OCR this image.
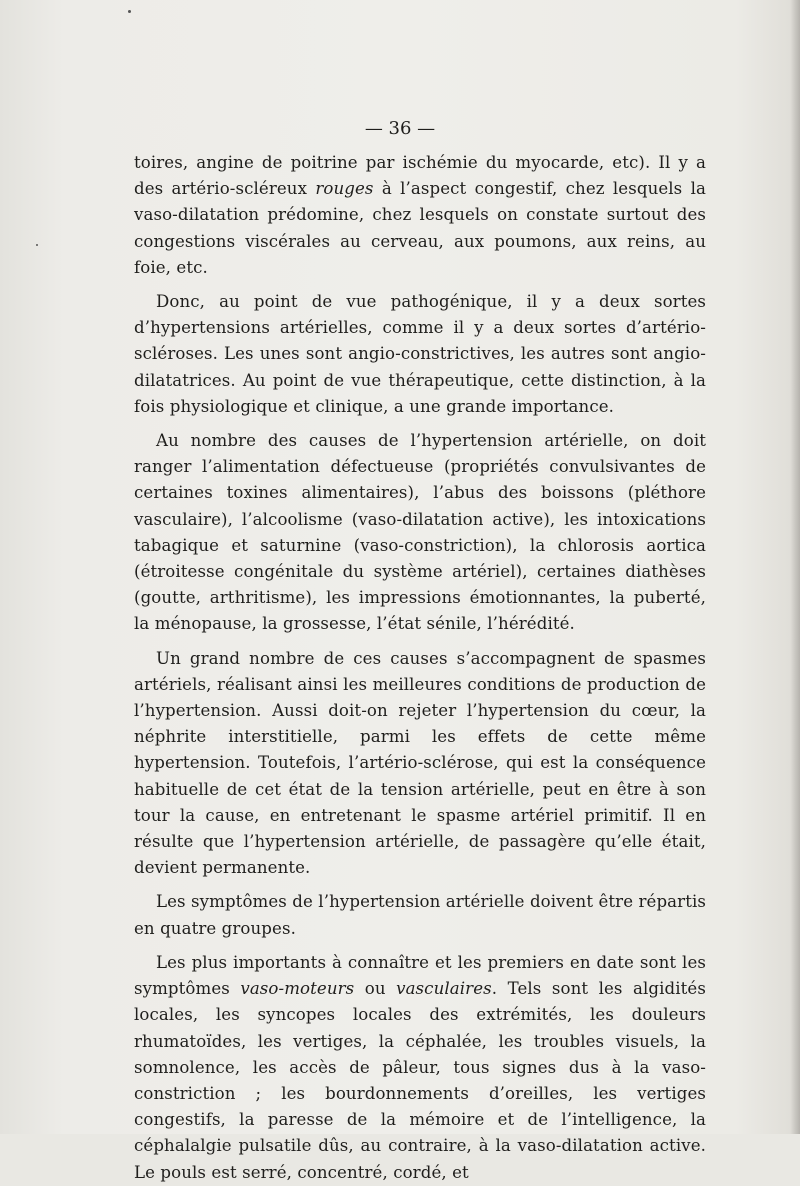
— 36 —

toires, angine de poitrine par ischémie du myocarde, etc). Il y a des artério-scléreux rouges à l’aspect congestif, chez lesquels la vaso-dilatation prédomine, chez lesquels on constate surtout des congestions viscérales au cerveau, aux poumons, aux reins, au foie, etc.

Donc, au point de vue pathogénique, il y a deux sortes d’hypertensions artérielles, comme il y a deux sortes d’artério-scléroses. Les unes sont angio-constrictives, les autres sont angio-dilatatrices. Au point de vue thérapeutique, cette distinction, à la fois physiologique et clinique, a une grande importance.

Au nombre des causes de l’hypertension artérielle, on doit ranger l’alimentation défectueuse (propriétés convulsivantes de certaines toxines alimentaires), l’abus des boissons (pléthore vasculaire), l’alcoolisme (vaso-dilatation active), les intoxications tabagique et saturnine (vaso-constriction), la chlorosis aortica (étroitesse congénitale du système artériel), certaines diathèses (goutte, arthritisme), les impressions émotionnantes, la puberté, la ménopause, la grossesse, l’état sénile, l’hérédité.

Un grand nombre de ces causes s’accompagnent de spasmes artériels, réalisant ainsi les meilleures conditions de production de l’hypertension. Aussi doit-on rejeter l’hypertension du cœur, la néphrite interstitielle, parmi les effets de cette même hypertension. Toutefois, l’artério-sclérose, qui est la conséquence habituelle de cet état de la tension artérielle, peut en être à son tour la cause, en entretenant le spasme artériel primitif. Il en résulte que l’hypertension artérielle, de passagère qu’elle était, devient permanente.

Les symptômes de l’hypertension artérielle doivent être répartis en quatre groupes.

Les plus importants à connaître et les premiers en date sont les symptômes vaso-moteurs ou vasculaires. Tels sont les algidités locales, les syncopes locales des extrémités, les douleurs rhumatoïdes, les vertiges, la céphalée, les troubles visuels, la somnolence, les accès de pâleur, tous signes dus à la vaso-constriction ; les bourdonnements d’oreilles, les vertiges congestifs, la paresse de la mémoire et de l’intelligence, la céphalalgie pulsatile dûs, au contraire, à la vaso-dilatation active. Le pouls est serré, concentré, cordé, et
